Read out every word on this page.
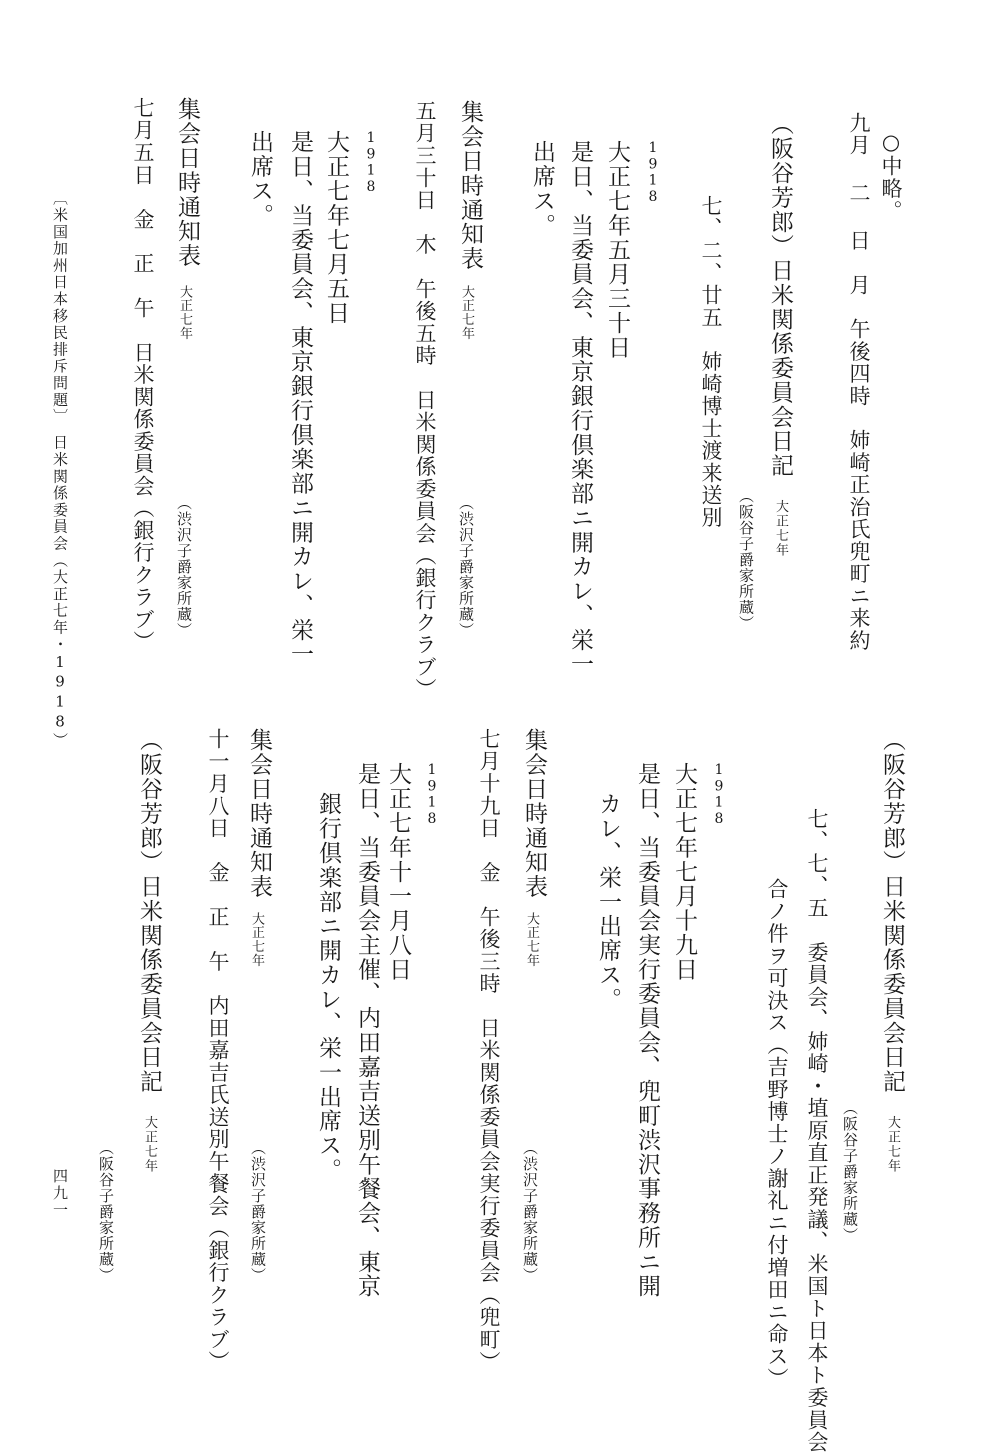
○中略。
九月 二 日　月午後四時姉崎正治氏兜町ニ来約
（阪谷芳郎）日米関係委員会日記大正七年
（阪谷子爵家所蔵）
七、二、廿五姉崎博士渡来送別
1918
大正七年五月三十日
是日、当委員会、東京銀行倶楽部ニ開カレ、栄一
出席ス。
集会日時通知表
大正七年
（渋沢子爵家所蔵）
五月三十日　木午後五時日米関係委員会（銀行クラブ）
1918
大正七年七月五日
是日、当委員会、東京銀行倶楽部ニ開カレ、栄一
出席ス。
集会日時通知表
大正七年
（渋沢子爵家所蔵）
七月五日　金正　午日米関係委員会（銀行クラブ）
（阪谷芳郎）日米関係委員会日記大正七年
（阪谷子爵家所蔵）
七、七、五委員会、姉崎・埴原直正発議、米国ト日本ト委員会
合ノ件ヲ可決ス（吉野博士ノ謝礼ニ付増田ニ命ス）
1918
大正七年七月十九日
是日、当委員会実行委員会、兜町渋沢事務所ニ開
カレ、栄一出席ス。
集会日時通知表
大正七年
（渋沢子爵家所蔵）
七月十九日　金午後三時日米関係委員会実行委員会（兜町）
1918
大正七年十一月八日
是日、当委員会主催、内田嘉吉送別午餐会、東京
銀行倶楽部ニ開カレ、栄一出席ス。
集会日時通知表
大正七年
（渋沢子爵家所蔵）
十一月八日　金正　午内田嘉吉氏送別午餐会（銀行クラブ）
（阪谷芳郎）日米関係委員会日記大正七年
（阪谷子爵家所蔵）
〔米国加州日本移民排斥問題〕　日米関係委員会（大正七年・1918）
四九一
